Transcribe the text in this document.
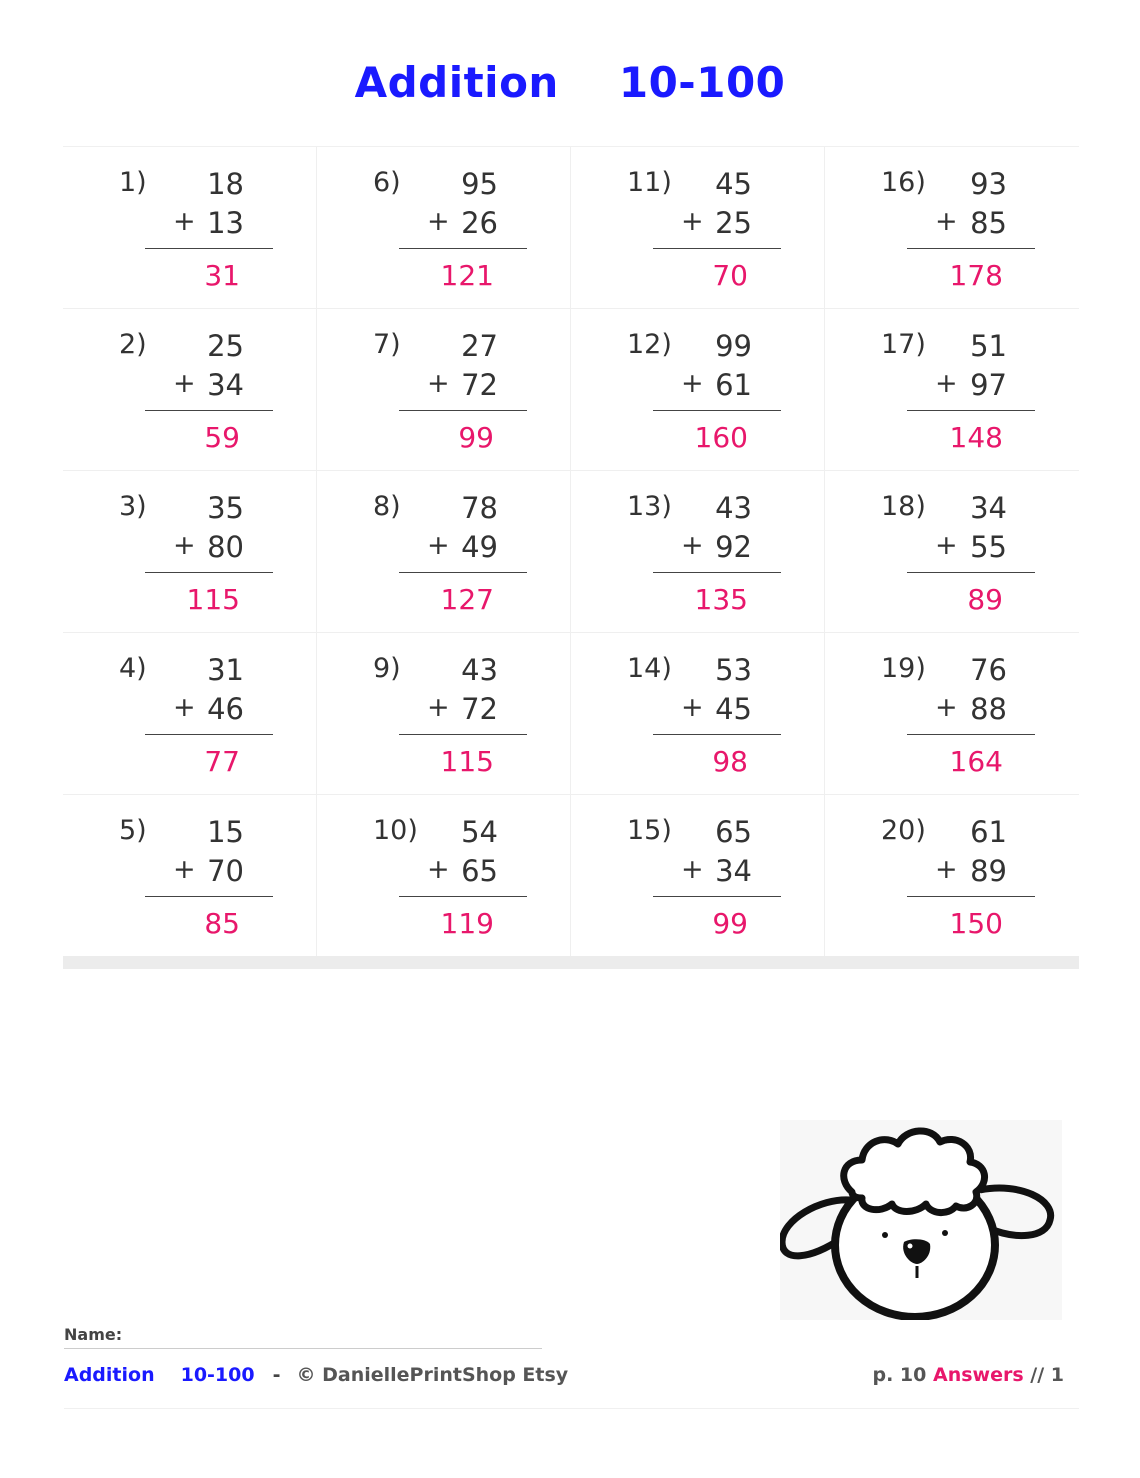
Addition 10-100
1) 18
+ 13
31
6) 95
+ 26
121
11) 45
+ 25
70
16) 93
+ 85
178
2) 25
+ 34
59
7) 27
+ 72
99
12) 99
+ 61
160
17) 51
+ 97
148
3) 35
+ 80
115
8) 78
+ 49
127
13) 43
+ 92
135
18) 34
+ 55
89
4) 31
+ 46
77
9) 43
+ 72
115
14) 53
+ 45
98
19) 76
+ 88
164
5) 15
+ 70
85
10) 54
+ 65
119
15) 65
+ 34
99
20) 61
+ 89
150
Name:
Addition 10-100 - © DaniellePrintShop Etsy	p. 10 Answers // 1
